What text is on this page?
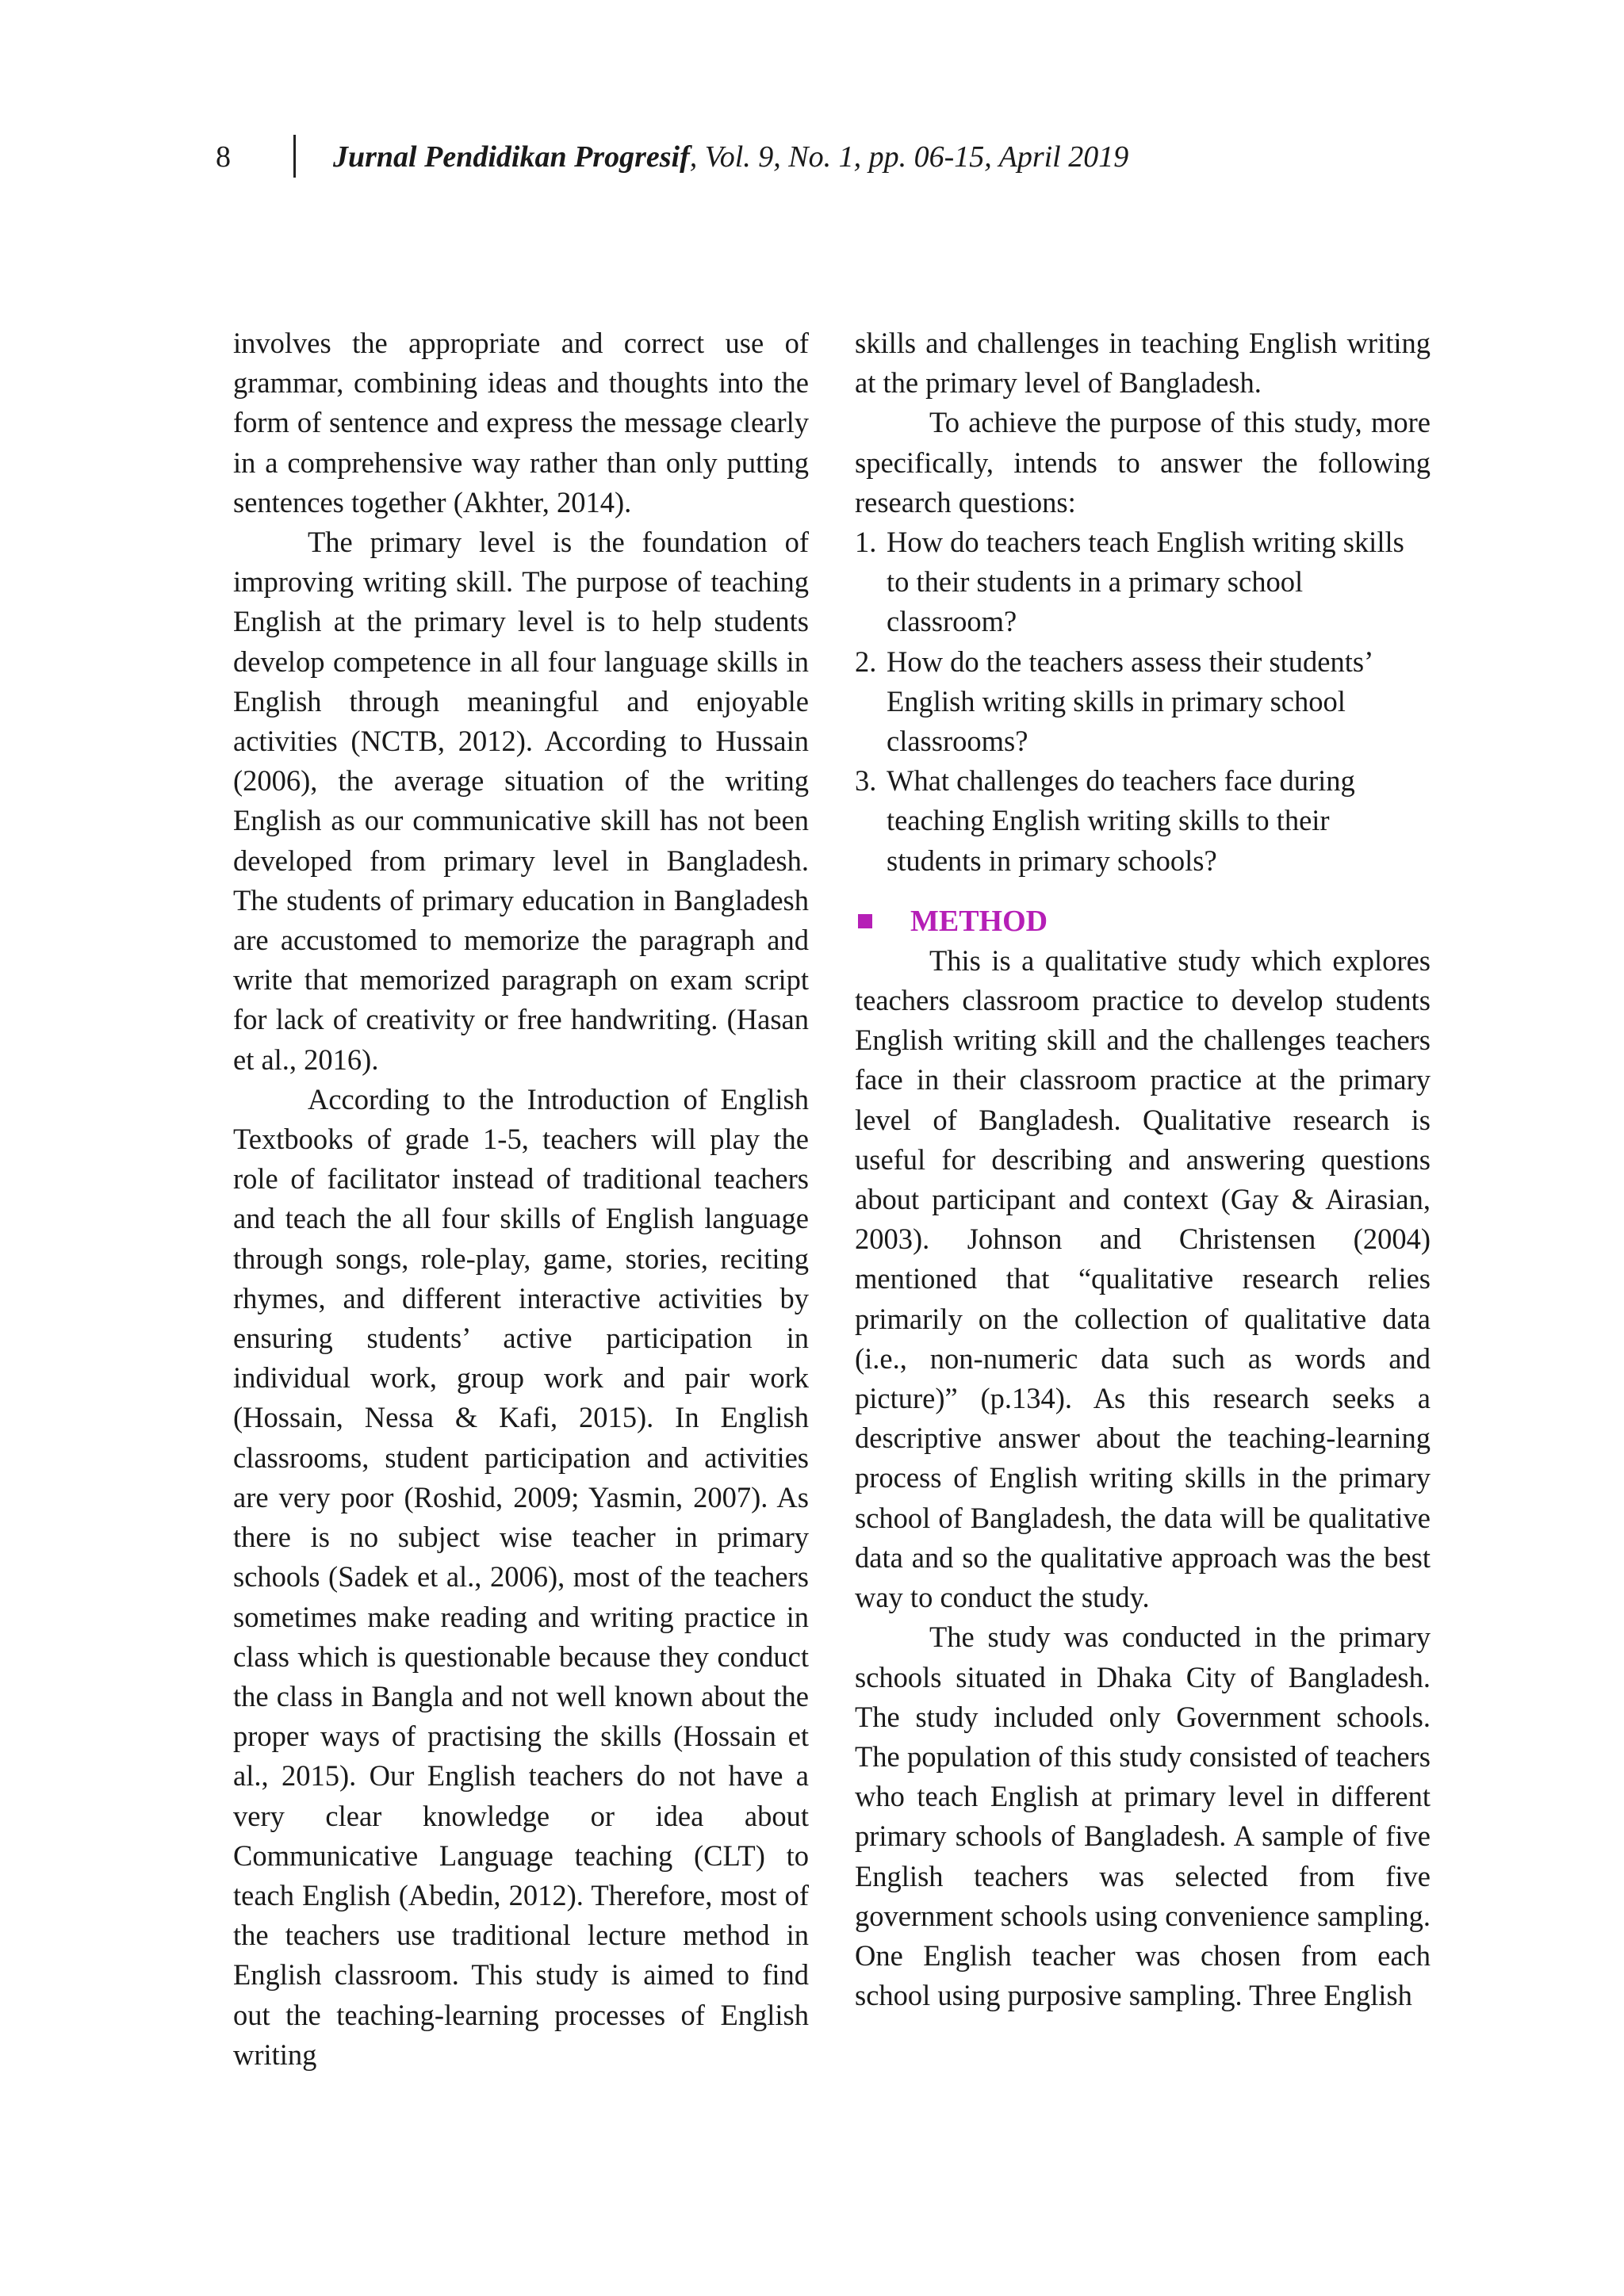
8	Jurnal Pendidikan Progresif, Vol. 9, No. 1, pp. 06-15, April 2019

involves the appropriate and correct use of grammar, combining ideas and thoughts into the form of sentence and express the message clearly in a comprehensive way rather than only putting sentences together (Akhter, 2014).

The primary level is the foundation of improving writing skill. The purpose of teaching English at the primary level is to help students develop competence in all four language skills in English through meaningful and enjoyable activities (NCTB, 2012). According to Hussain (2006), the average situation of the writing English as our communicative skill has not been developed from primary level in Bangladesh. The students of primary education in Bangladesh are accustomed to memorize the paragraph and write that memorized paragraph on exam script for lack of creativity or free handwriting. (Hasan et al., 2016).

According to the Introduction of English Textbooks of grade 1-5, teachers will play the role of facilitator instead of traditional teachers and teach the all four skills of English language through songs, role-play, game, stories, reciting rhymes, and different interactive activities by ensuring students’ active participation in individual work, group work and pair work (Hossain, Nessa & Kafi, 2015). In English classrooms, student participation and activities are very poor (Roshid, 2009; Yasmin, 2007). As there is no subject wise teacher in primary schools (Sadek et al., 2006), most of the teachers sometimes make reading and writing practice in class which is questionable because they conduct the class in Bangla and not well known about the proper ways of practising the skills (Hossain et al., 2015). Our English teachers do not have a very clear knowledge or idea about Communicative Language teaching (CLT) to teach English (Abedin, 2012). Therefore, most of the teachers use traditional lecture method in English classroom. This study is aimed to find out the teaching-learning processes of English writing

skills and challenges in teaching English writing at the primary level of Bangladesh.

To achieve the purpose of this study, more specifically, intends to answer the following research questions:

1. How do teachers teach English writing skills to their students in a primary school classroom?
2. How do the teachers assess their students’ English writing skills in primary school classrooms?
3. What challenges do teachers face during teaching English writing skills to their students in primary schools?
METHOD

This is a qualitative study which explores teachers classroom practice to develop students English writing skill and the challenges teachers face in their classroom practice at the primary level of Bangladesh. Qualitative research is useful for describing and answering questions about participant and context (Gay & Airasian, 2003). Johnson and Christensen (2004) mentioned that “qualitative research relies primarily on the collection of qualitative data (i.e., non-numeric data such as words and picture)” (p.134). As this research seeks a descriptive answer about the teaching-learning process of English writing skills in the primary school of Bangladesh, the data will be qualitative data and so the qualitative approach was the best way to conduct the study.

The study was conducted in the primary schools situated in Dhaka City of Bangladesh. The study included only Government schools. The population of this study consisted of teachers who teach English at primary level in different primary schools of Bangladesh. A sample of five English teachers was selected from five government schools using convenience sampling. One English teacher was chosen from each school using purposive sampling. Three English
